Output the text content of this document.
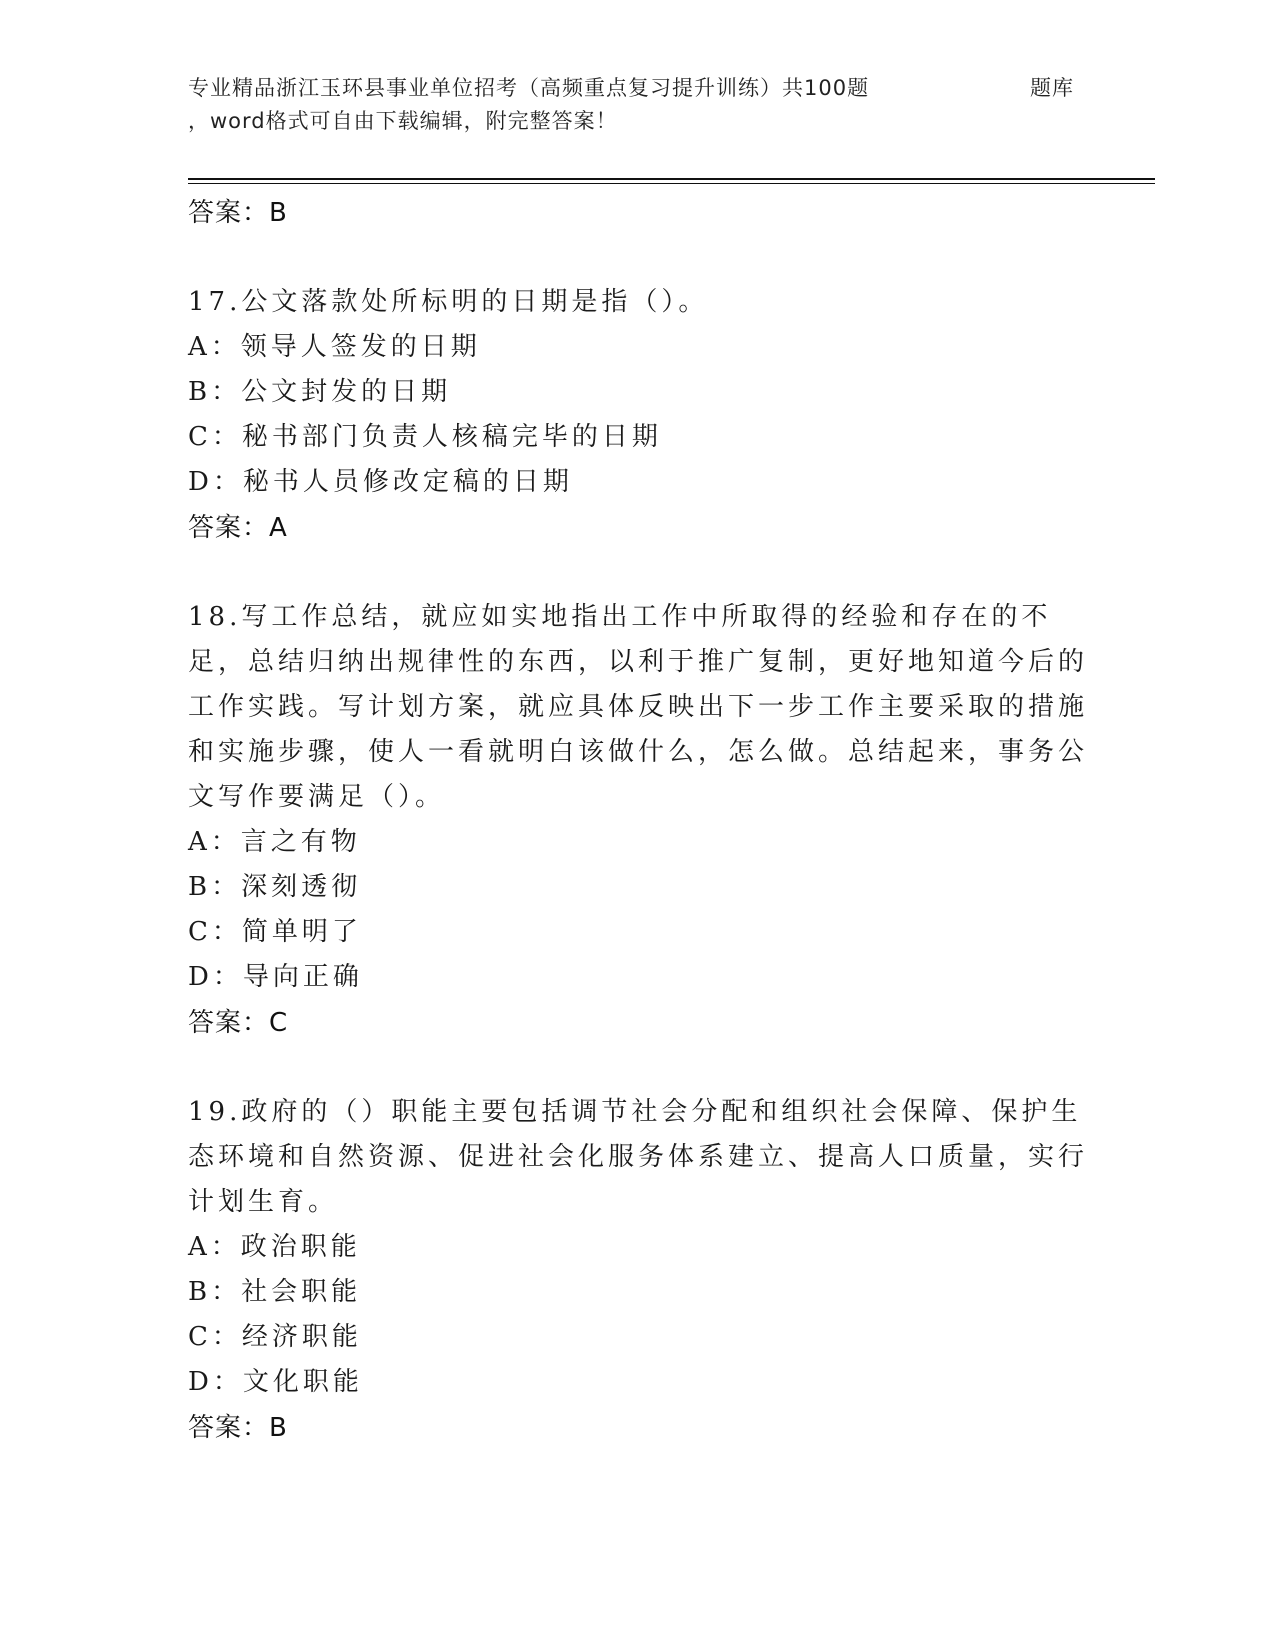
专业精品浙江玉环县事业单位招考（高频重点复习提升训练）共100题	题库
，word格式可自由下载编辑，附完整答案！
答案：B
17.公文落款处所标明的日期是指（）。
A：领导人签发的日期
B：公文封发的日期
C：秘书部门负责人核稿完毕的日期
D：秘书人员修改定稿的日期
答案：A
18.写工作总结，就应如实地指出工作中所取得的经验和存在的不足，总结归纳出规律性的东西，以利于推广复制，更好地知道今后的工作实践。写计划方案，就应具体反映出下一步工作主要采取的措施和实施步骤，使人一看就明白该做什么，怎么做。总结起来，事务公文写作要满足（）。
A：言之有物
B：深刻透彻
C：简单明了
D：导向正确
答案：C
19.政府的（）职能主要包括调节社会分配和组织社会保障、保护生态环境和自然资源、促进社会化服务体系建立、提高人口质量，实行计划生育。
A：政治职能
B：社会职能
C：经济职能
D：文化职能
答案：B
